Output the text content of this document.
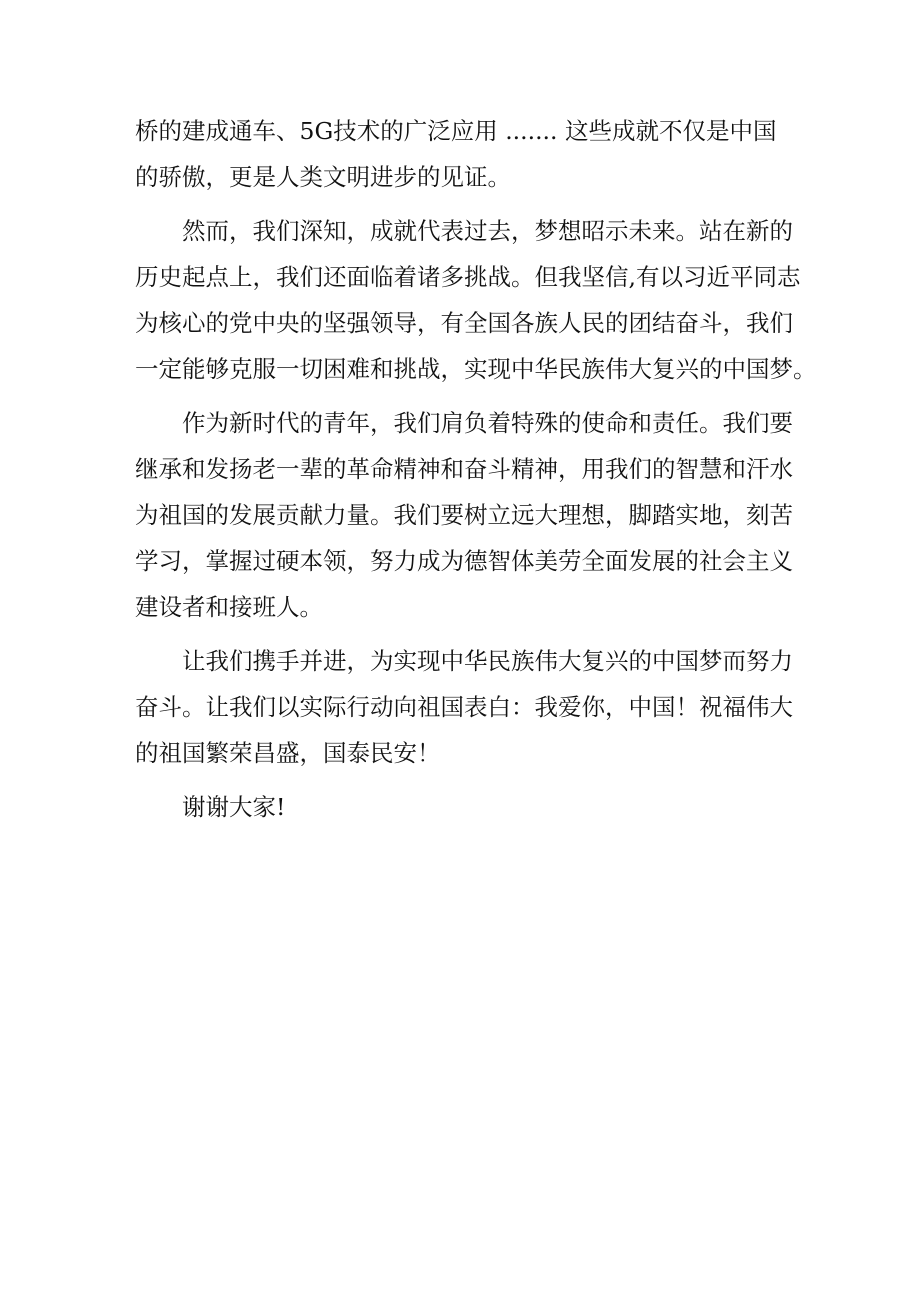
桥的建成通车、5G技术的广泛应用 ....... 这些成就不仅是中国
的骄傲，更是人类文明进步的见证。
然而，我们深知，成就代表过去，梦想昭示未来。站在新的
历史起点上，我们还面临着诸多挑战。但我坚信,有以习近平同志
为核心的党中央的坚强领导，有全国各族人民的团结奋斗，我们
一定能够克服一切困难和挑战，实现中华民族伟大复兴的中国梦。
作为新时代的青年，我们肩负着特殊的使命和责任。我们要
继承和发扬老一辈的革命精神和奋斗精神，用我们的智慧和汗水
为祖国的发展贡献力量。我们要树立远大理想，脚踏实地，刻苦
学习，掌握过硬本领，努力成为德智体美劳全面发展的社会主义
建设者和接班人。
让我们携手并进，为实现中华民族伟大复兴的中国梦而努力
奋斗。让我们以实际行动向祖国表白：我爱你，中国！祝福伟大
的祖国繁荣昌盛，国泰民安！
谢谢大家!
